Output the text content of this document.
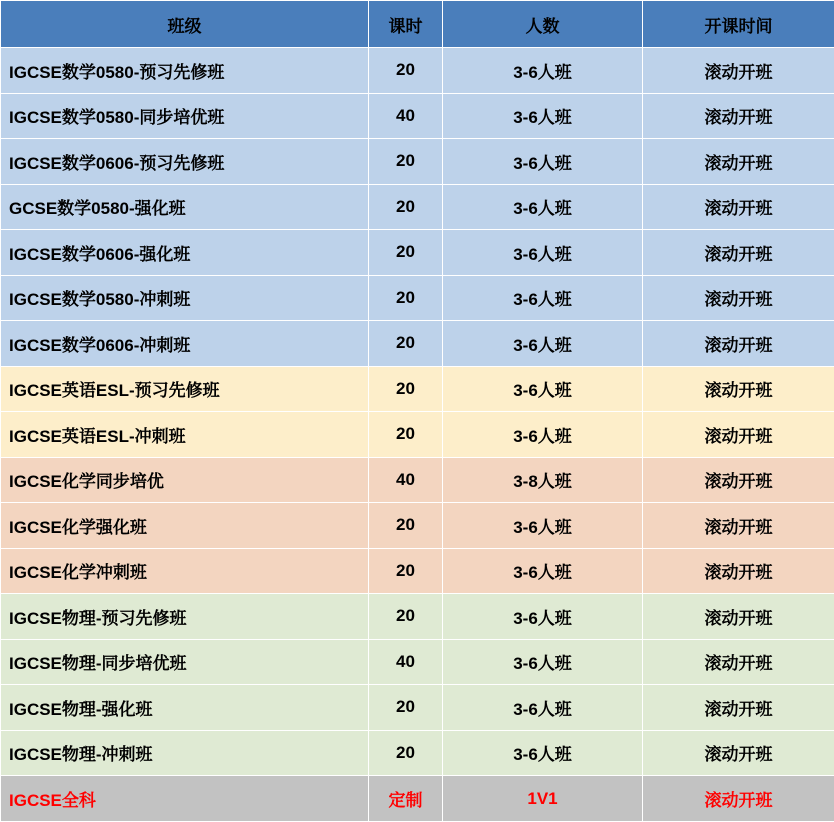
班级	课时	人数	开课时间
IGCSE数学0580-预习先修班	20	3-6人班	滚动开班
IGCSE数学0580-同步培优班	40	3-6人班	滚动开班
IGCSE数学0606-预习先修班	20	3-6人班	滚动开班
GCSE数学0580-强化班	20	3-6人班	滚动开班
IGCSE数学0606-强化班	20	3-6人班	滚动开班
IGCSE数学0580-冲刺班	20	3-6人班	滚动开班
IGCSE数学0606-冲刺班	20	3-6人班	滚动开班
IGCSE英语ESL-预习先修班	20	3-6人班	滚动开班
IGCSE英语ESL-冲刺班	20	3-6人班	滚动开班
IGCSE化学同步培优	40	3-8人班	滚动开班
IGCSE化学强化班	20	3-6人班	滚动开班
IGCSE化学冲刺班	20	3-6人班	滚动开班
IGCSE物理-预习先修班	20	3-6人班	滚动开班
IGCSE物理-同步培优班	40	3-6人班	滚动开班
IGCSE物理-强化班	20	3-6人班	滚动开班
IGCSE物理-冲刺班	20	3-6人班	滚动开班
IGCSE全科	定制	1V1	滚动开班
